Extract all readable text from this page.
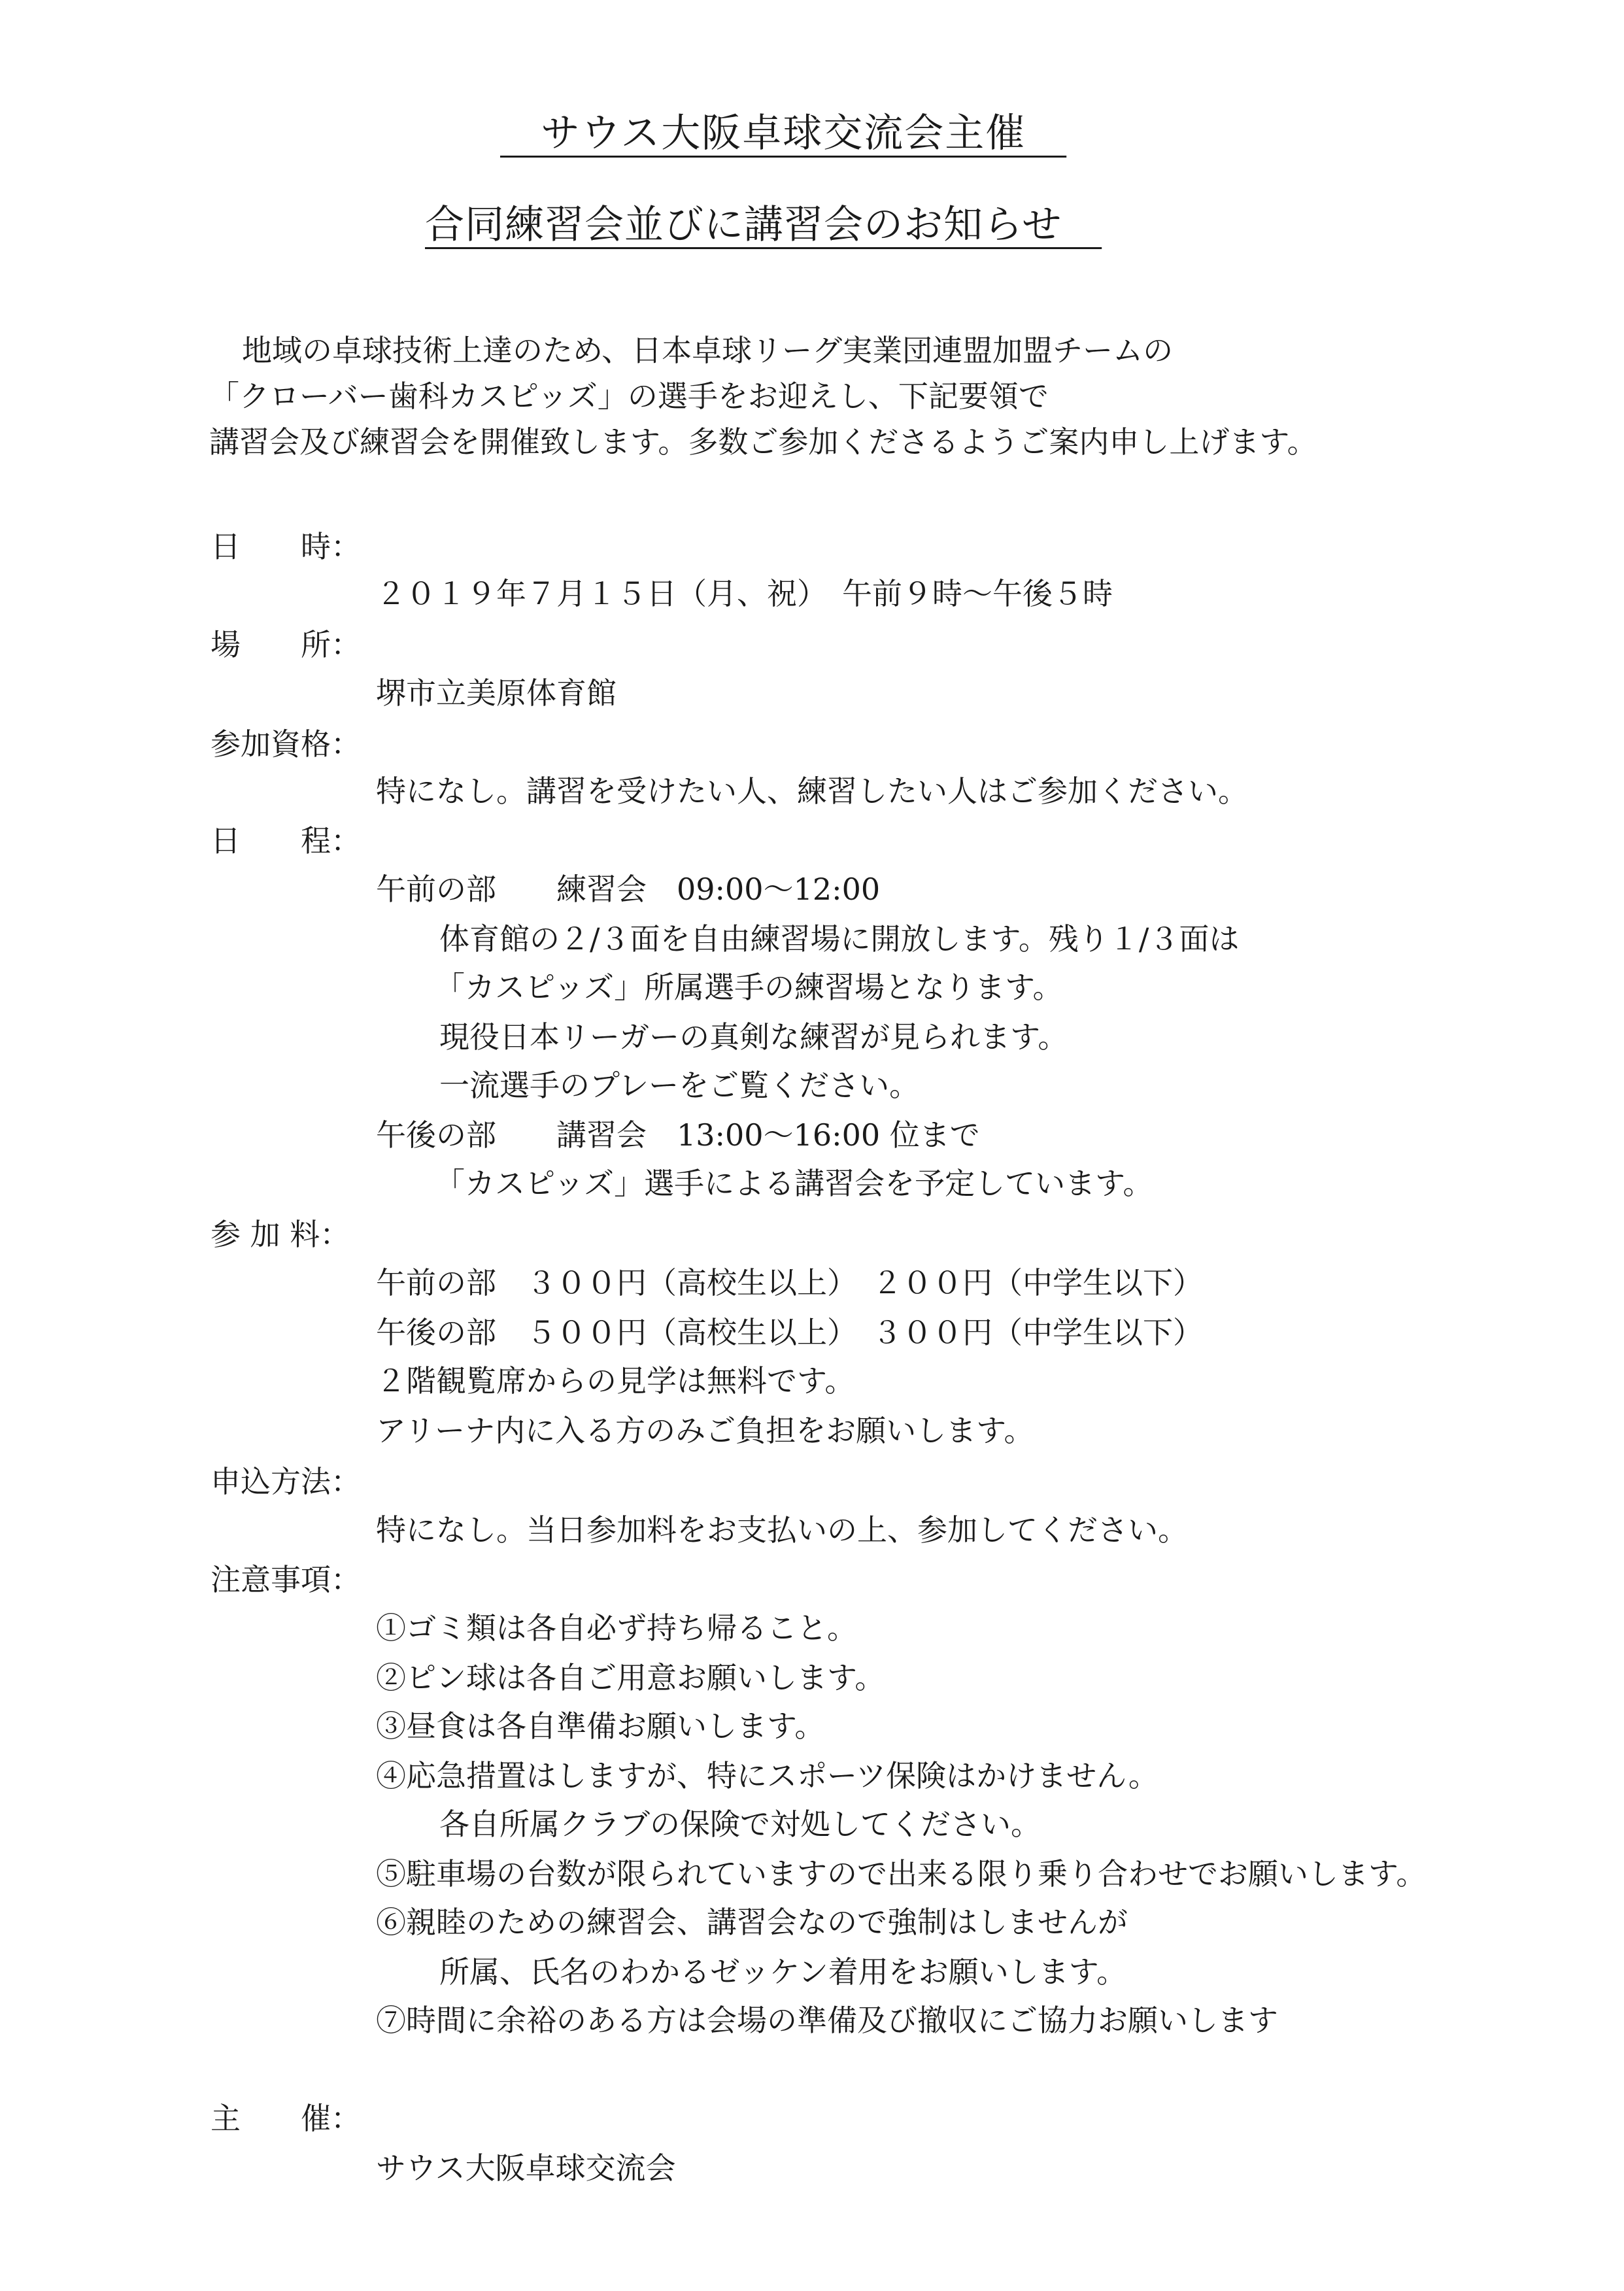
　サウス大阪卓球交流会主催　
合同練習会並びに講習会のお知らせ　
地域の卓球技術上達のため、日本卓球リーグ実業団連盟加盟チームの
「クローバー歯科カスピッズ」の選手をお迎えし、下記要領で
講習会及び練習会を開催致します。多数ご参加くださるようご案内申し上げます。
日　　時：
２０１９年７月１５日（月、祝）　午前９時～午後５時
場　　所：
堺市立美原体育館
参加資格：
特になし。講習を受けたい人、練習したい人はご参加ください。
日　　程：
午前の部　　練習会　09:00～12:00
体育館の２/３面を自由練習場に開放します。残り１/３面は
「カスピッズ」所属選手の練習場となります。
現役日本リーガーの真剣な練習が見られます。
一流選手のプレーをご覧ください。
午後の部　　講習会　13:00～16:00 位まで
「カスピッズ」選手による講習会を予定しています。
参 加 料：
午前の部　３００円（高校生以上）　２００円（中学生以下）
午後の部　５００円（高校生以上）　３００円（中学生以下）
２階観覧席からの見学は無料です。
アリーナ内に入る方のみご負担をお願いします。
申込方法：
特になし。当日参加料をお支払いの上、参加してください。
注意事項：
①ゴミ類は各自必ず持ち帰ること。
②ピン球は各自ご用意お願いします。
③昼食は各自準備お願いします。
④応急措置はしますが、特にスポーツ保険はかけません。
各自所属クラブの保険で対処してください。
⑤駐車場の台数が限られていますので出来る限り乗り合わせでお願いします。
⑥親睦のための練習会、講習会なので強制はしませんが
所属、氏名のわかるゼッケン着用をお願いします。
⑦時間に余裕のある方は会場の準備及び撤収にご協力お願いします
主　　催：
サウス大阪卓球交流会
